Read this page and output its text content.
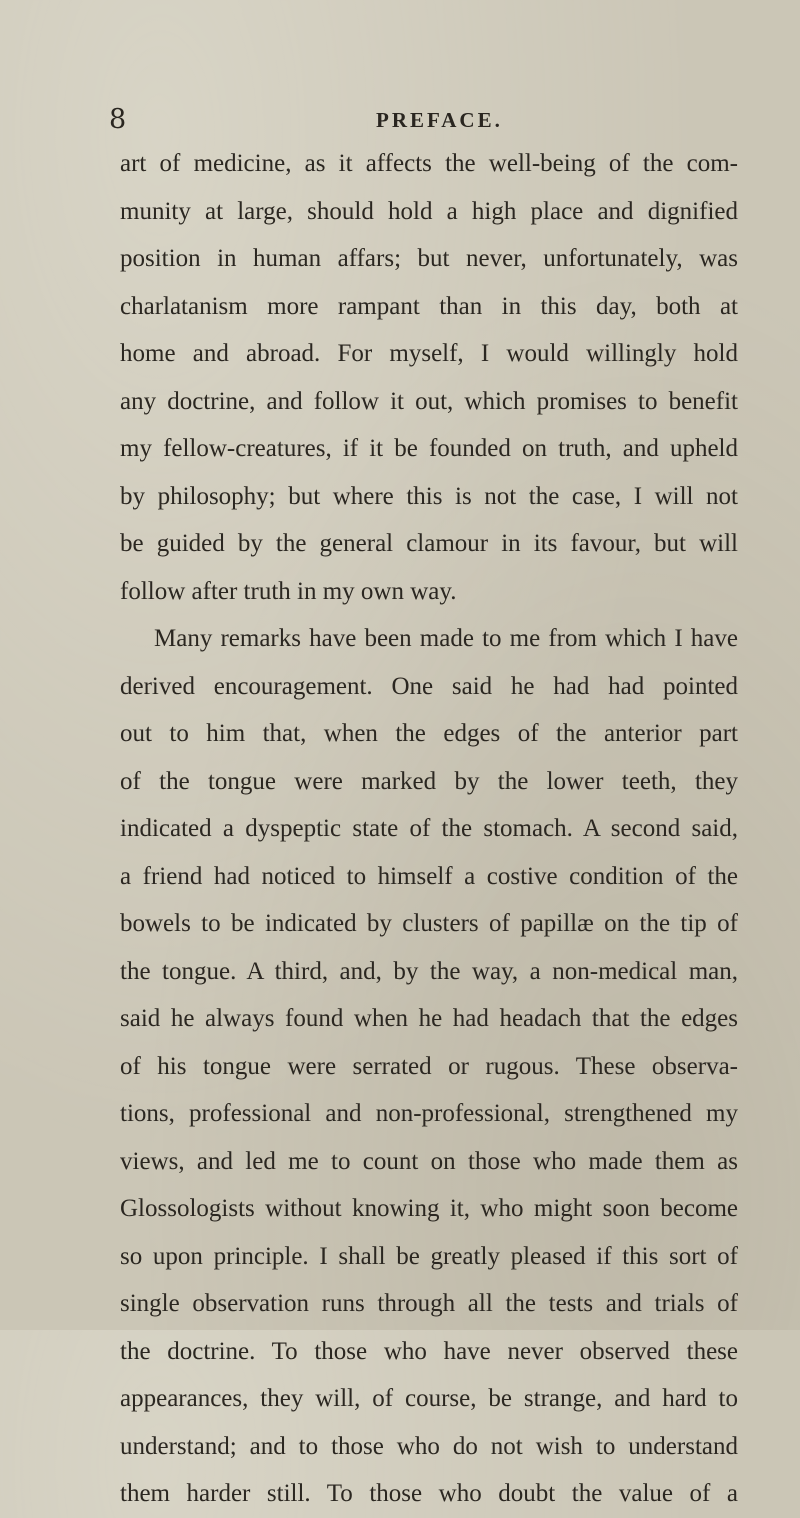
8	PREFACE.
art of medicine, as it affects the well-being of the com-
munity at large, should hold a high place and dignified
position in human affars; but never, unfortunately, was
charlatanism more rampant than in this day, both at
home and abroad. For myself, I would willingly hold
any doctrine, and follow it out, which promises to benefit
my fellow-creatures, if it be founded on truth, and upheld
by philosophy; but where this is not the case, I will not
be guided by the general clamour in its favour, but will
follow after truth in my own way.
Many remarks have been made to me from which I have
derived encouragement. One said he had had pointed
out to him that, when the edges of the anterior part
of the tongue were marked by the lower teeth, they
indicated a dyspeptic state of the stomach. A second said,
a friend had noticed to himself a costive condition of the
bowels to be indicated by clusters of papillæ on the tip of
the tongue. A third, and, by the way, a non-medical man,
said he always found when he had headach that the edges
of his tongue were serrated or rugous. These observa-
tions, professional and non-professional, strengthened my
views, and led me to count on those who made them as
Glossologists without knowing it, who might soon become
so upon principle. I shall be greatly pleased if this sort of
single observation runs through all the tests and trials of
the doctrine. To those who have never observed these
appearances, they will, of course, be strange, and hard to
understand; and to those who do not wish to understand
them harder still. To those who doubt the value of a
